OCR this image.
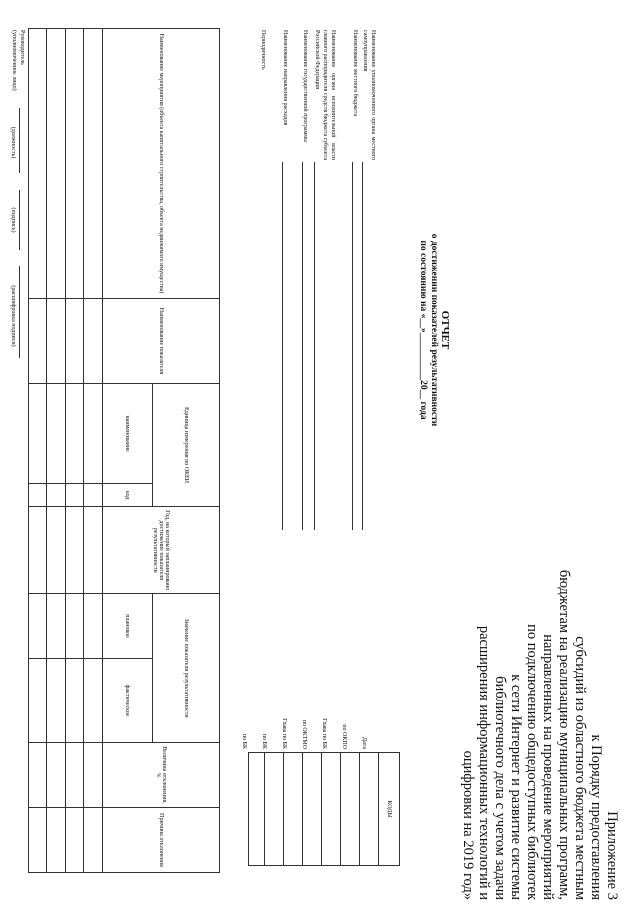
Приложение 3
к Порядку предоставления
субсидий из областного бюджета местным
бюджетам на реализацию муниципальных программ,
направленных на проведение мероприятий
по подключению общедоступных библиотек
к сети Интернет и развитие системы
библиотечного дела с учетом задачи
расширения информационных технологий и
оцифровки на 2019 год»
ОТЧЕТ
о достижении показателей результативности
по состоянию на «__»__________20__ года
КОДЫ
Дата
по ОКПО
Глава по БК
по ОКТМО
Глава по БК
по БК
по БК
Наименование уполномоченного органа местного самоуправления
Наименование местного бюджета
Наименование органа исполнительной власти главного распорядителя средств бюджета субъекта Российской Федерации
Наименование государственной программы
Наименование направления расходов
Периодичность
Наименование мероприятия (объекта капитального строительства, объекта недвижимого имущества)	Наименование показателя	Единица измерения по ОКЕИ		Год, на который запланировано достижение показателя результативности	Значение показателя результативности		Величина отклонения, %	Причина отклонения
		наименование	код		плановое	фактическое		

Руководитель
(уполномоченное лицо)
(должность)
(подпись)
(расшифровка подписи)
